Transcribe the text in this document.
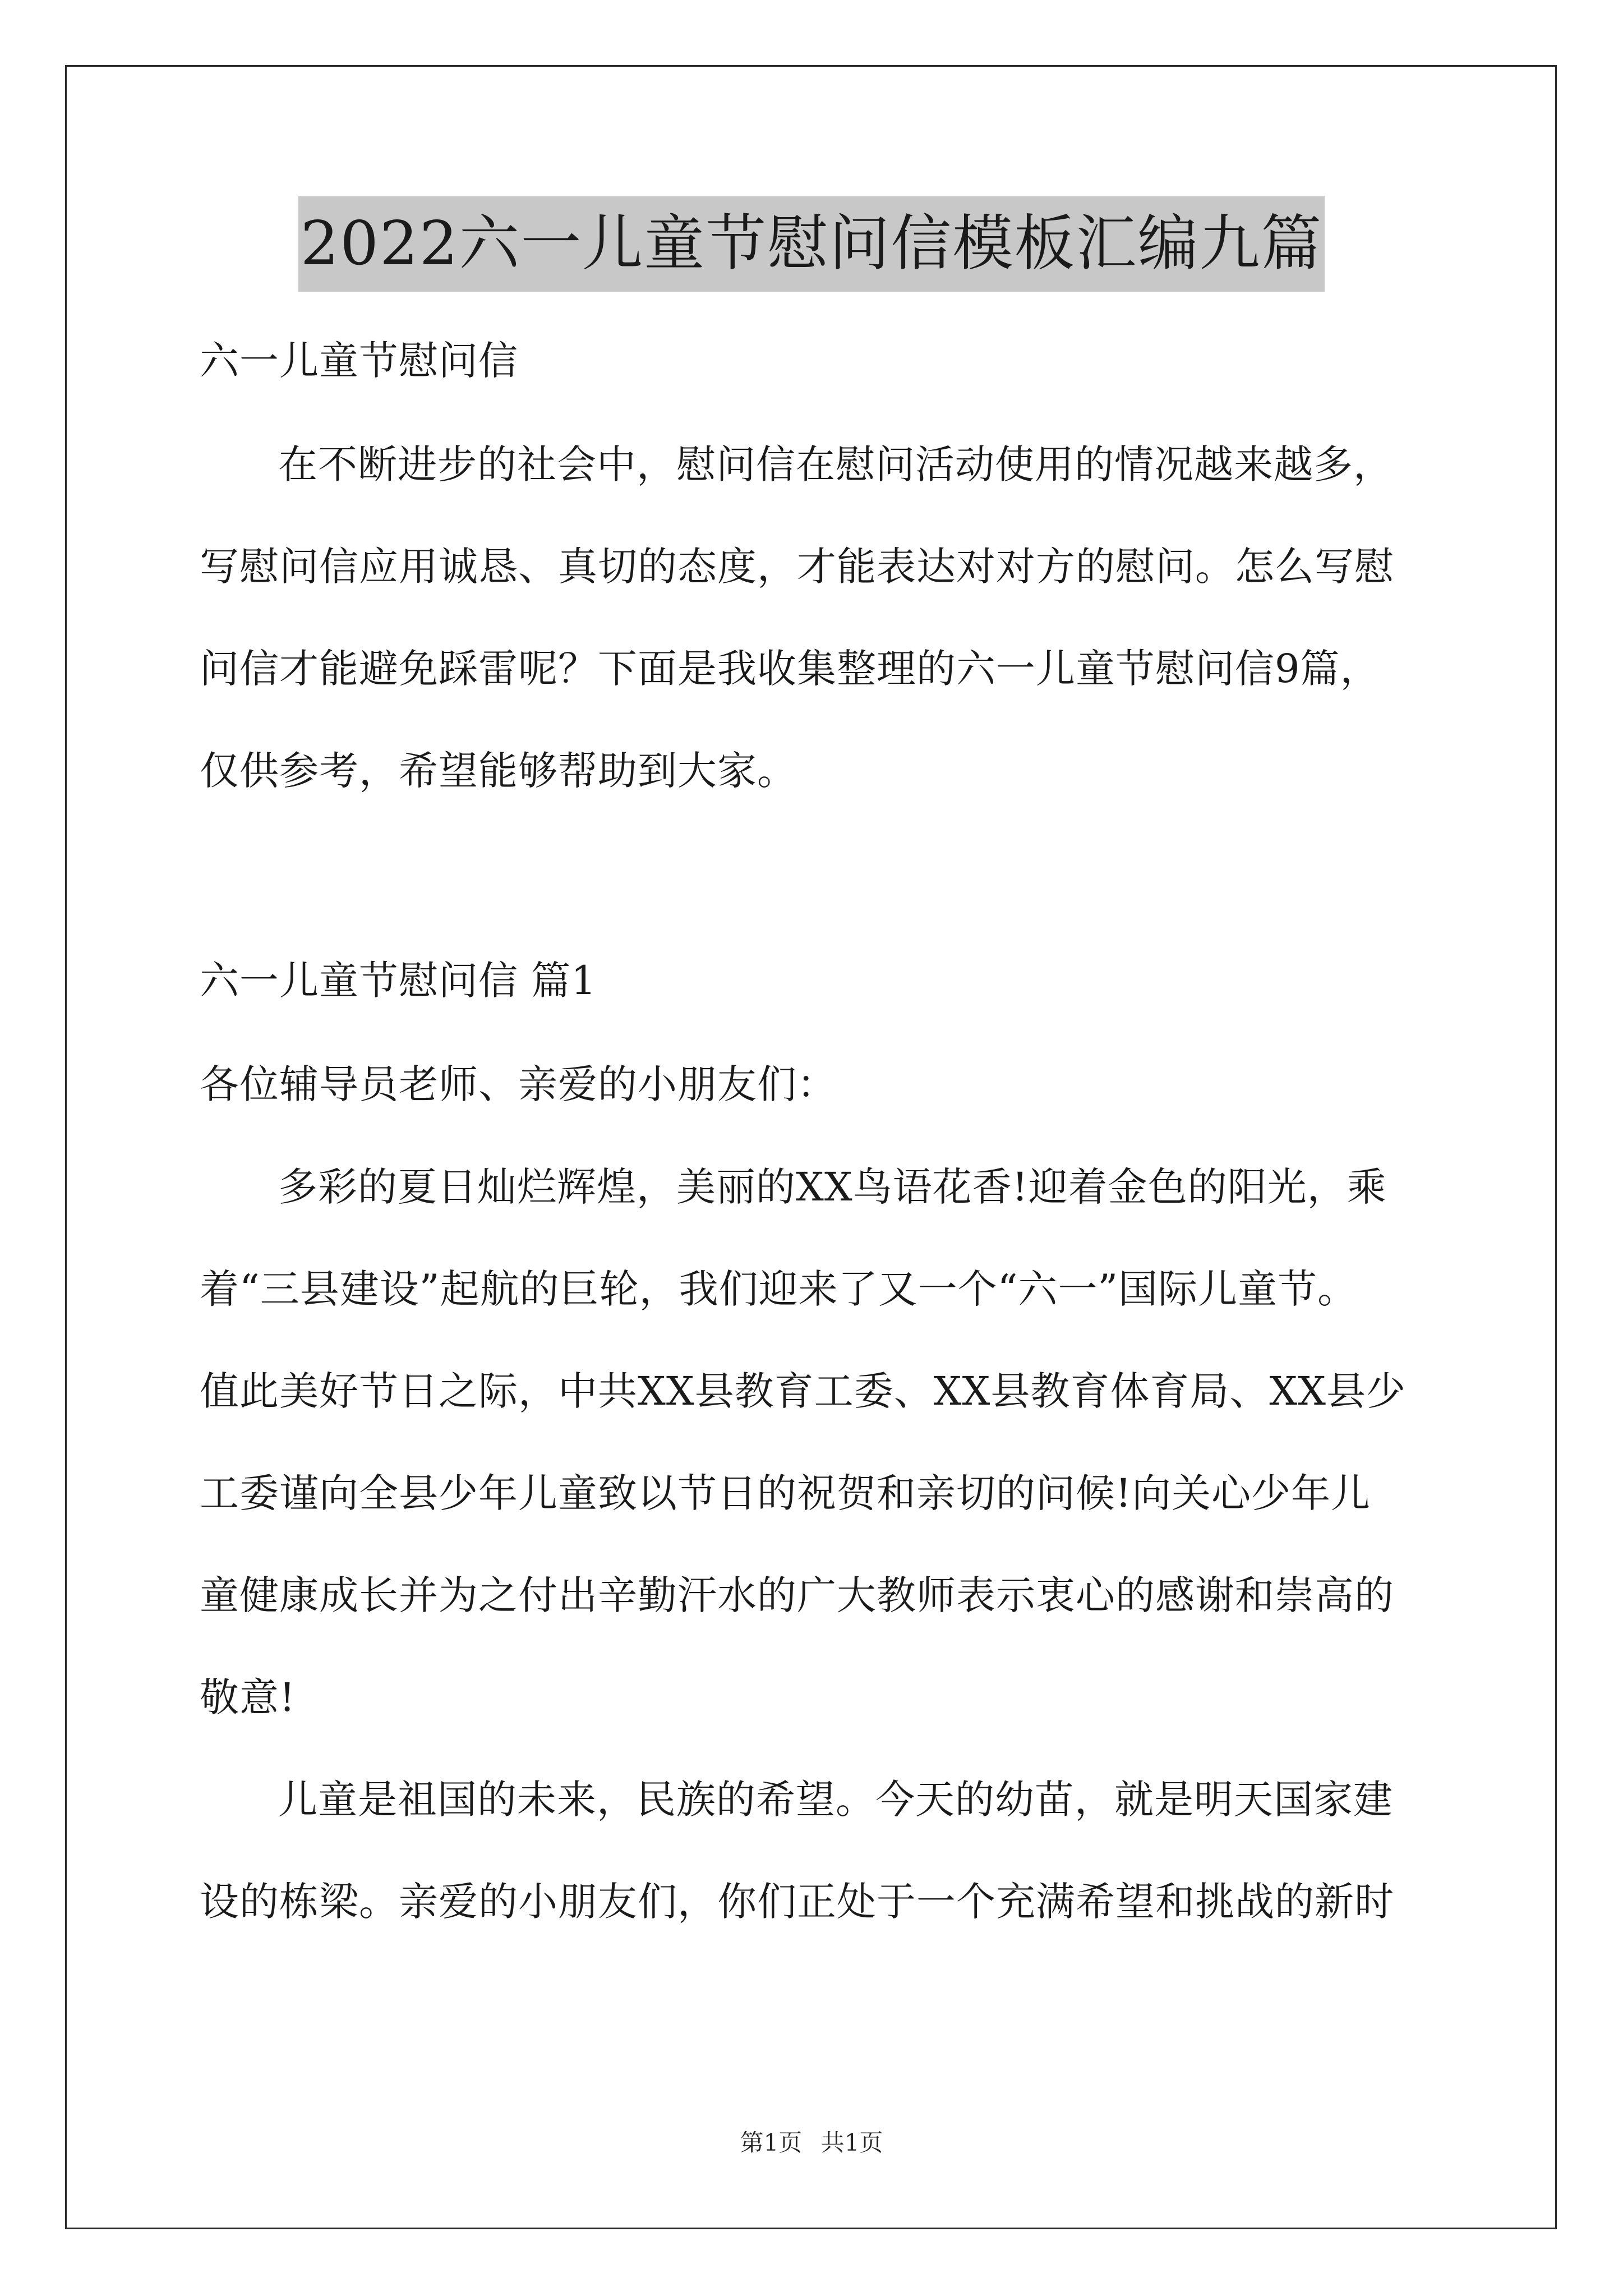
2022六一儿童节慰问信模板汇编九篇
六一儿童节慰问信
在不断进步的社会中，慰问信在慰问活动使用的情况越来越多，
写慰问信应用诚恳、真切的态度，才能表达对对方的慰问。怎么写慰
问信才能避免踩雷呢？下面是我收集整理的六一儿童节慰问信9篇，
仅供参考，希望能够帮助到大家。
六一儿童节慰问信 篇1
各位辅导员老师、亲爱的小朋友们：
多彩的夏日灿烂辉煌，美丽的XX鸟语花香!迎着金色的阳光，乘
着“三县建设”起航的巨轮，我们迎来了又一个“六一”国际儿童节。
值此美好节日之际，中共XX县教育工委、XX县教育体育局、XX县少
工委谨向全县少年儿童致以节日的祝贺和亲切的问候!向关心少年儿
童健康成长并为之付出辛勤汗水的广大教师表示衷心的感谢和崇高的
敬意!
儿童是祖国的未来，民族的希望。今天的幼苗，就是明天国家建
设的栋梁。亲爱的小朋友们，你们正处于一个充满希望和挑战的新时
第1页 共1页
